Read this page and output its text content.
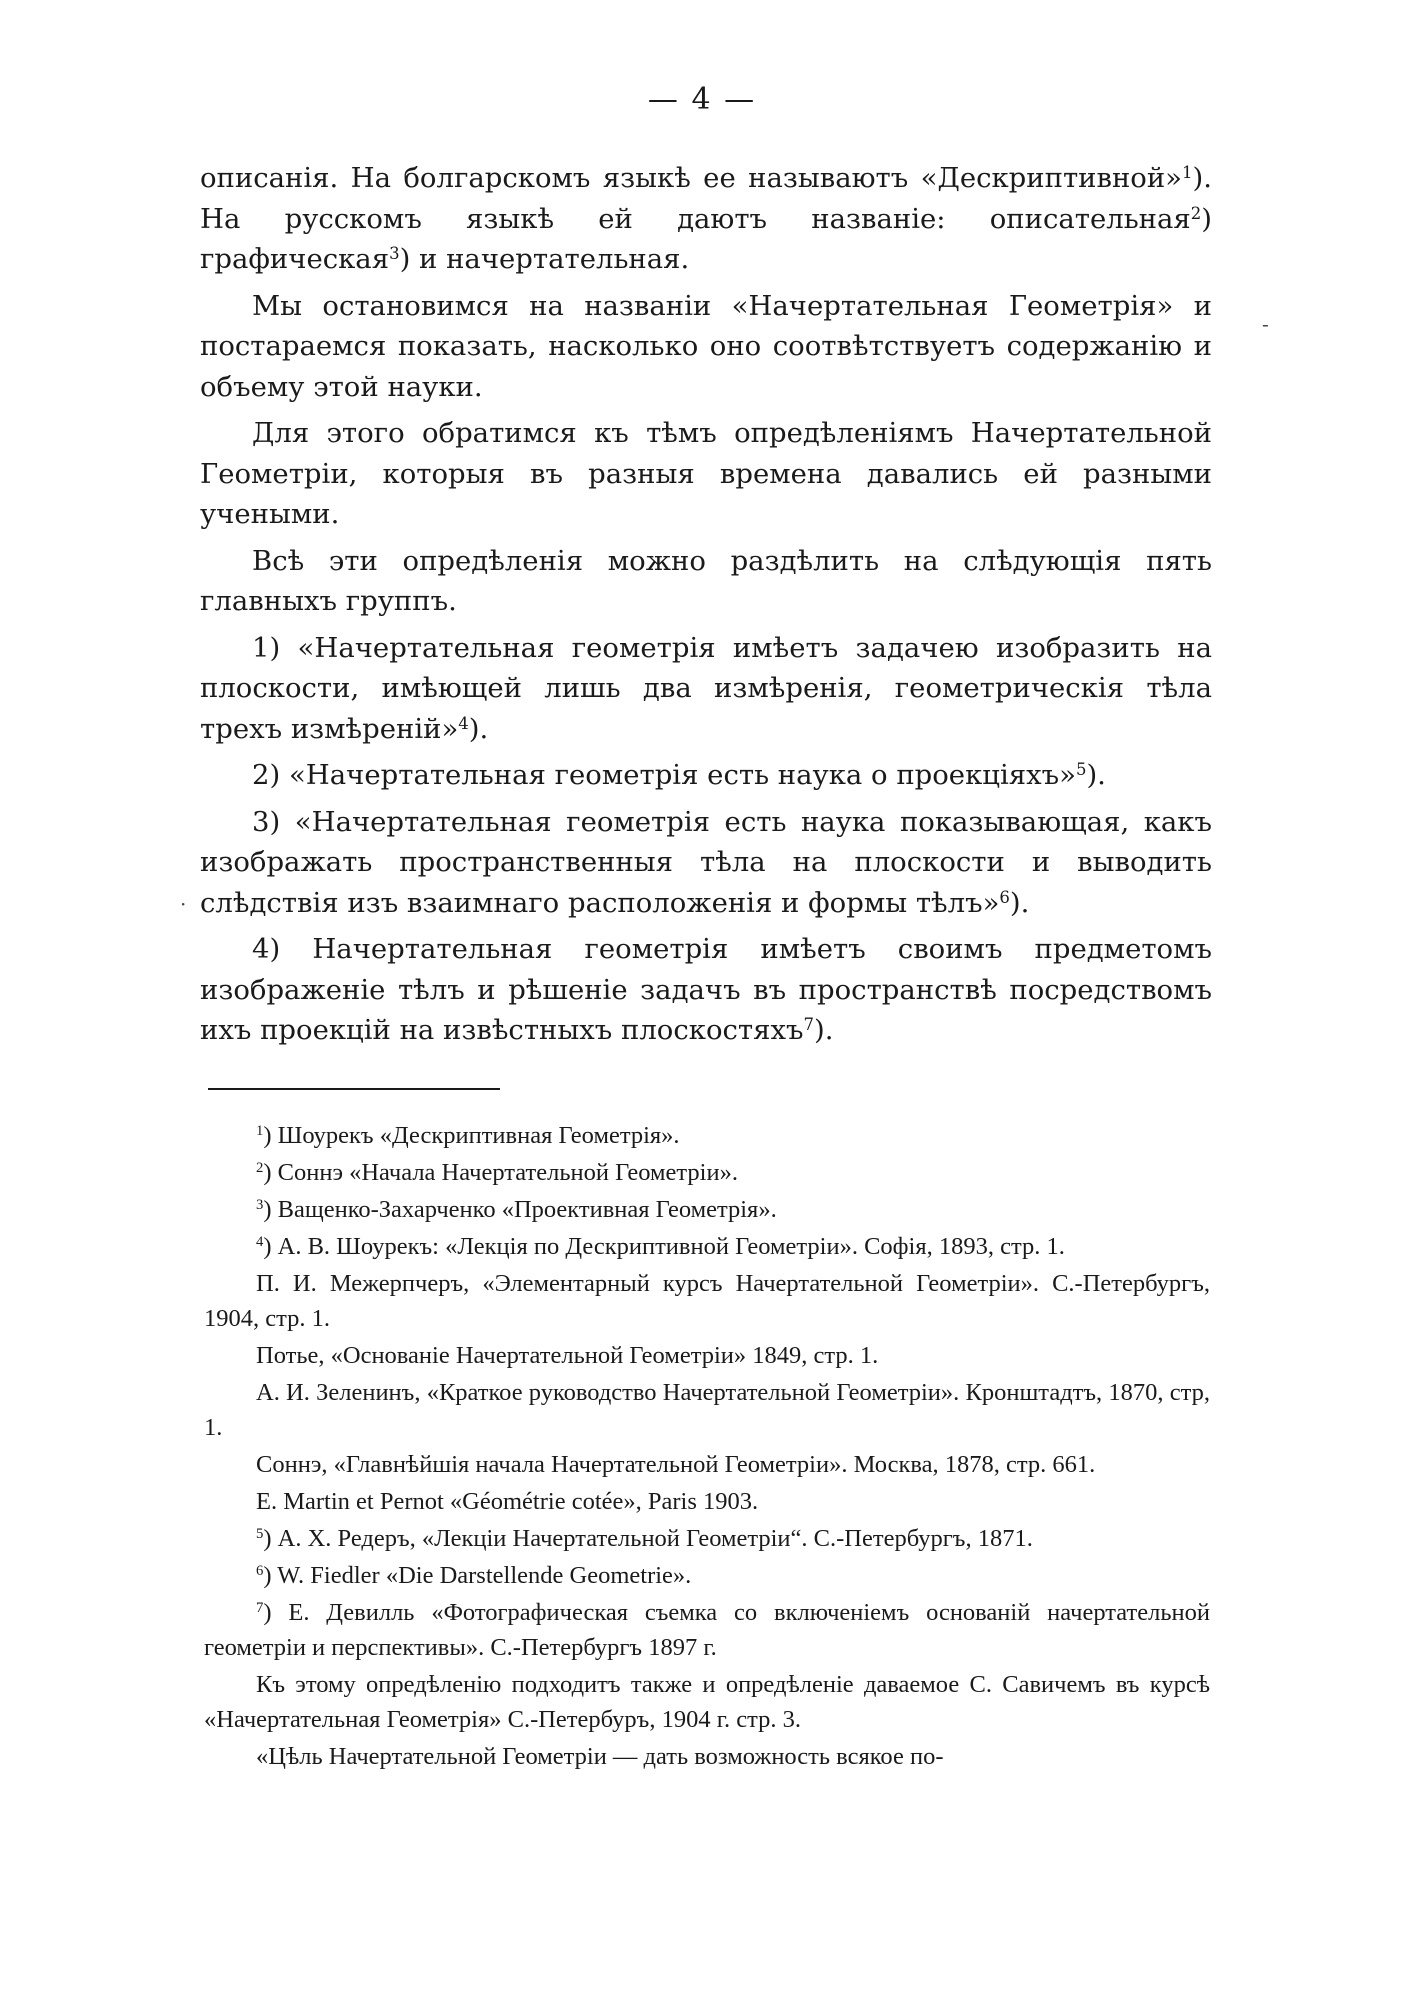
— 4 —
-
·

описанія. На болгарскомъ языкѣ ее называютъ «Дескриптивной»$^1$). На русскомъ языкѣ ей даютъ названіе: описательная$^2$) графическая$^3$) и начертательная.

Мы остановимся на названіи «Начертательная Геометрія» и постараемся показать, насколько оно соотвѣтствуетъ содержанію и объему этой науки.

Для этого обратимся къ тѣмъ опредѣленіямъ Начертательной Геометріи, которыя въ разныя времена давались ей разными учеными.

Всѣ эти опредѣленія можно раздѣлить на слѣдующія пять главныхъ группъ.

1) «Начертательная геометрія имѣетъ задачею изобразить на плоскости, имѣющей лишь два измѣренія, геометрическія тѣла трехъ измѣреній»$^4$).

2) «Начертательная геометрія есть наука о проекціяхъ»$^5$).

3) «Начертательная геометрія есть наука показывающая, какъ изображать пространственныя тѣла на плоскости и выводить слѣдствія изъ взаимнаго расположенія и формы тѣлъ»$^6$).

4) Начертательная геометрія имѣетъ своимъ предметомъ изображеніе тѣлъ и рѣшеніе задачъ въ пространствѣ посредствомъ ихъ проекцій на извѣстныхъ плоскостяхъ$^7$).

$^1$) Шоурекъ «Дескриптивная Геометрія».

$^2$) Соннэ «Начала Начертательной Геометріи».

$^3$) Ващенко-Захарченко «Проективная Геометрія».

$^4$) А. В. Шоурекъ: «Лекція по Дескриптивной Геометріи». Софія, 1893, стр. 1.

П. И. Межерпчеръ, «Элементарный курсъ Начертательной Геометріи». С.-Петербургъ, 1904, стр. 1.

Потье, «Основаніе Начертательной Геометріи» 1849, стр. 1.

А. И. Зеленинъ, «Краткое руководство Начертательной Геометріи». Кронштадтъ, 1870, стр, 1.

Соннэ, «Главнѣйшія начала Начертательной Геометріи». Москва, 1878, стр. 661.

E. Martin et Pernot «Géométrie cotée», Paris 1903.

$^5$) А. Х. Редеръ, «Лекціи Начертательной Геометріи“. С.-Петербургъ, 1871.

$^6$) W. Fiedler «Die Darstellende Geometrie».

$^7$) Е. Девилль «Фотографическая съемка со включеніемъ основаній начертательной геометріи и перспективы». С.-Петербургъ 1897 г.

Къ этому опредѣленію подходитъ также и опредѣленіе даваемое С. Савичемъ въ курсѣ «Начертательная Геометрія» С.-Петербуръ, 1904 г. стр. 3.

«Цѣль Начертательной Геометріи — дать возможность всякое по-
